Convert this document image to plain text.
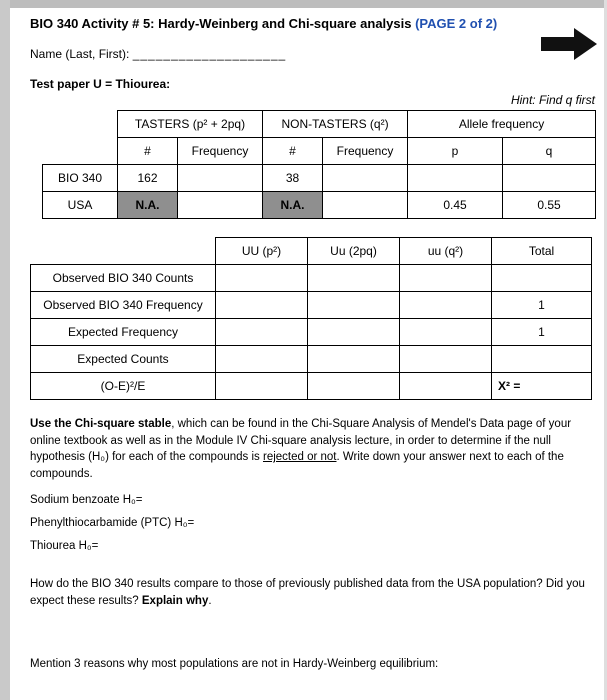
BIO 340 Activity # 5: Hardy-Weinberg and Chi-square analysis (PAGE 2 of 2)

Name (Last, First): ____________________

Test paper U = Thiourea:

Hint: Find q first

	TASTERS (p² + 2pq)		NON-TASTERS (q²)		Allele frequency	
	#	Frequency	#	Frequency	p	q
BIO 340	162		38			
USA	N.A.		N.A.		0.45	0.55
	UU (p²)	Uu (2pq)	uu (q²)	Total
Observed BIO 340 Counts				
Observed BIO 340 Frequency				1
Expected Frequency				1
Expected Counts				
(O-E)²/E				X² =

Use the Chi-square stable, which can be found in the Chi-Square Analysis of Mendel's Data page of your online textbook as well as in the Module IV Chi-square analysis lecture, in order to determine if the null hypothesis (H₀) for each of the compounds is rejected or not. Write down your answer next to each of the compounds.

Sodium benzoate H₀=

Phenylthiocarbamide (PTC) H₀=

Thiourea H₀=

How do the BIO 340 results compare to those of previously published data from the USA population? Did you expect these results? Explain why.

Mention 3 reasons why most populations are not in Hardy-Weinberg equilibrium:
